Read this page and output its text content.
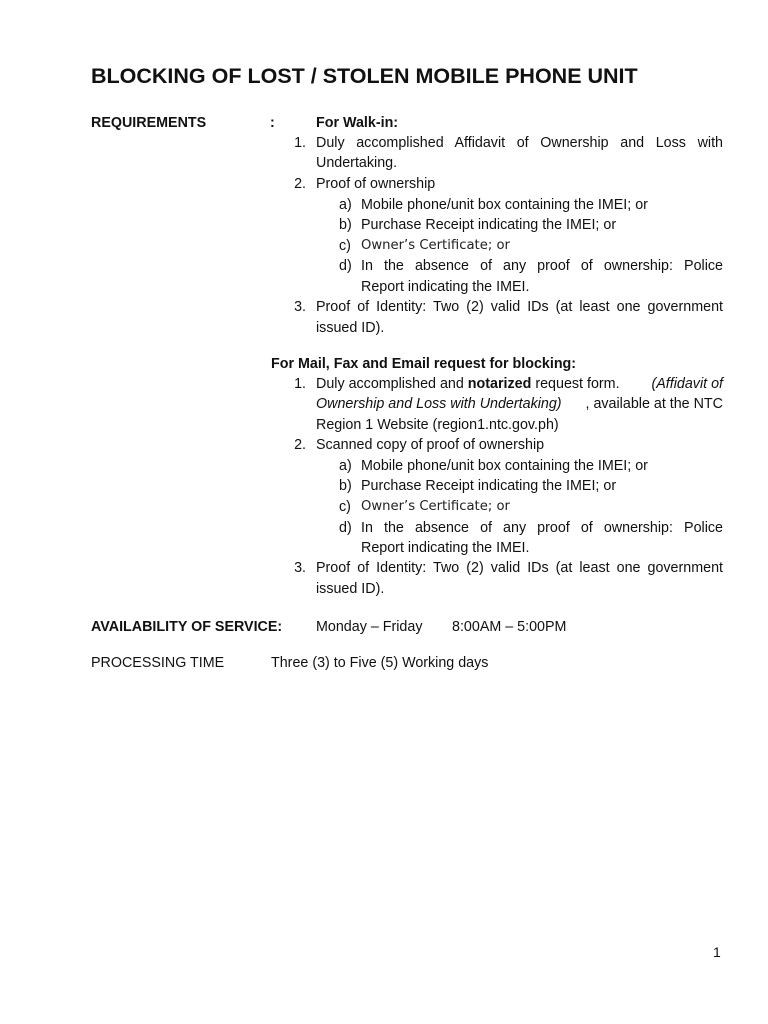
BLOCKING OF LOST / STOLEN MOBILE PHONE UNIT
REQUIREMENTS	:	For Walk-in:
1. Duly accomplished Affidavit of Ownership and Loss with
Undertaking.
2. Proof of ownership
a) Mobile phone/unit box containing the IMEI; or
b) Purchase Receipt indicating the IMEI; or
c) Owner’s Certificate; or
d) In the absence of any proof of ownership: Police
Report indicating the IMEI.
3. Proof of Identity: Two (2) valid IDs (at least one government
issued ID).
For Mail, Fax and Email request for blocking:
1. Duly accomplished and notarized request form. (Affidavit of
Ownership and Loss with Undertaking) , available at the NTC
Region 1 Website (region1.ntc.gov.ph)
2. Scanned copy of proof of ownership
a) Mobile phone/unit box containing the IMEI; or
b) Purchase Receipt indicating the IMEI; or
c) Owner’s Certificate; or
d) In the absence of any proof of ownership: Police
Report indicating the IMEI.
3. Proof of Identity: Two (2) valid IDs (at least one government
issued ID).
AVAILABILITY OF SERVICE: Monday – Friday 8:00AM – 5:00PM
PROCESSING TIME	Three (3) to Five (5) Working days
1
